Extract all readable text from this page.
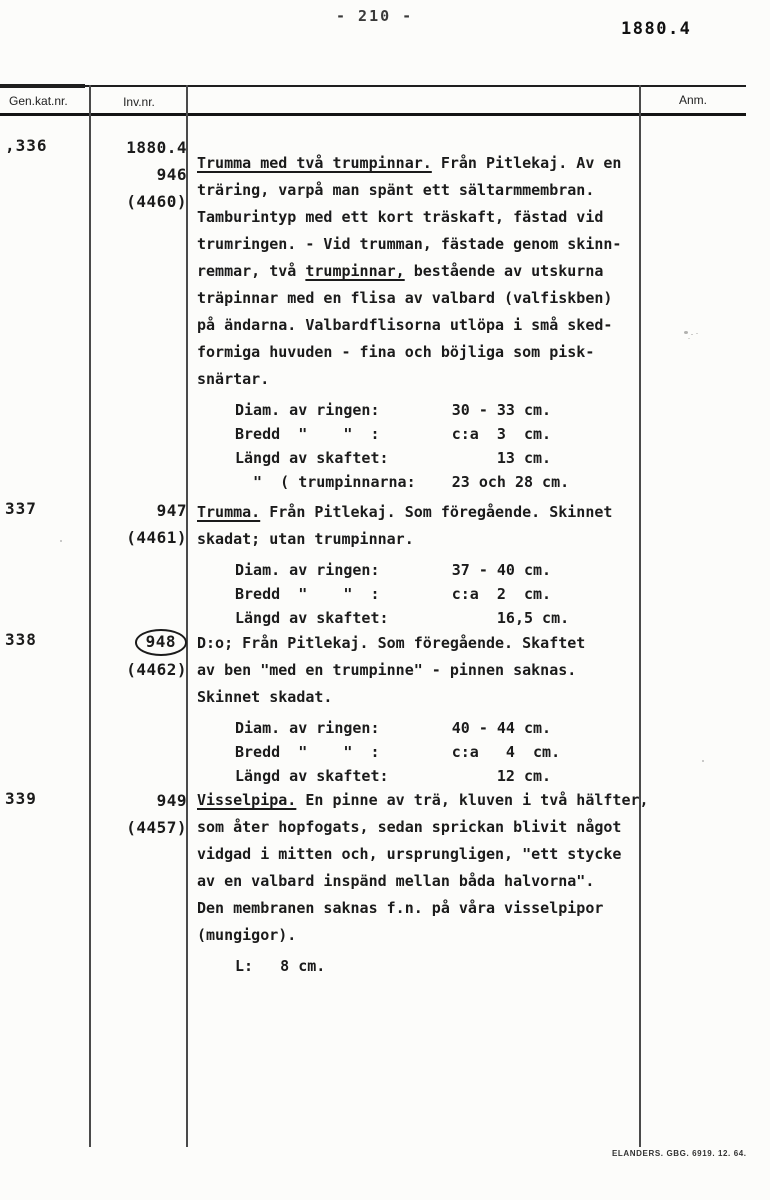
- 210 -
1880.4
Gen.kat.nr.	Inv.nr.	Anm.
,336	1880.4
946
(4460)
Trumma med två trumpinnar. Från Pitlekaj. Av en
träring, varpå man spänt ett sältarmmembran.
Tamburintyp med ett kort träskaft, fästad vid
trumringen. - Vid trumman, fästade genom skinn-
remmar, två trumpinnar, bestående av utskurna
träpinnar med en flisa av valbard (valfiskben)
på ändarna. Valbardflisorna utlöpa i små sked-
formiga huvuden - fina och böjliga som pisk-
snärtar.
Diam. av ringen:        30 - 33 cm.
Bredd  "    "  :        c:a  3  cm.
Längd av skaftet:            13 cm.
"  ( trumpinnarna:    23 och 28 cm.
337	947
(4461)
Trumma. Från Pitlekaj. Som föregående. Skinnet
skadat; utan trumpinnar.
Diam. av ringen:        37 - 40 cm.
Bredd  "    "  :        c:a  2  cm.
Längd av skaftet:            16,5 cm.
338	948
(4462)
D:o; Från Pitlekaj. Som föregående. Skaftet
av ben "med en trumpinne" - pinnen saknas.
Skinnet skadat.
Diam. av ringen:        40 - 44 cm.
Bredd  "    "  :        c:a   4  cm.
Längd av skaftet:            12 cm.
339	949
(4457)
Visselpipa. En pinne av trä, kluven i två hälfter,
som åter hopfogats, sedan sprickan blivit något
vidgad i mitten och, ursprungligen, "ett stycke
av en valbard inspänd mellan båda halvorna".
Den membranen saknas f.n. på våra visselpipor
(mungigor).
L:   8 cm.
ELANDERS. GBG. 6919. 12. 64.
